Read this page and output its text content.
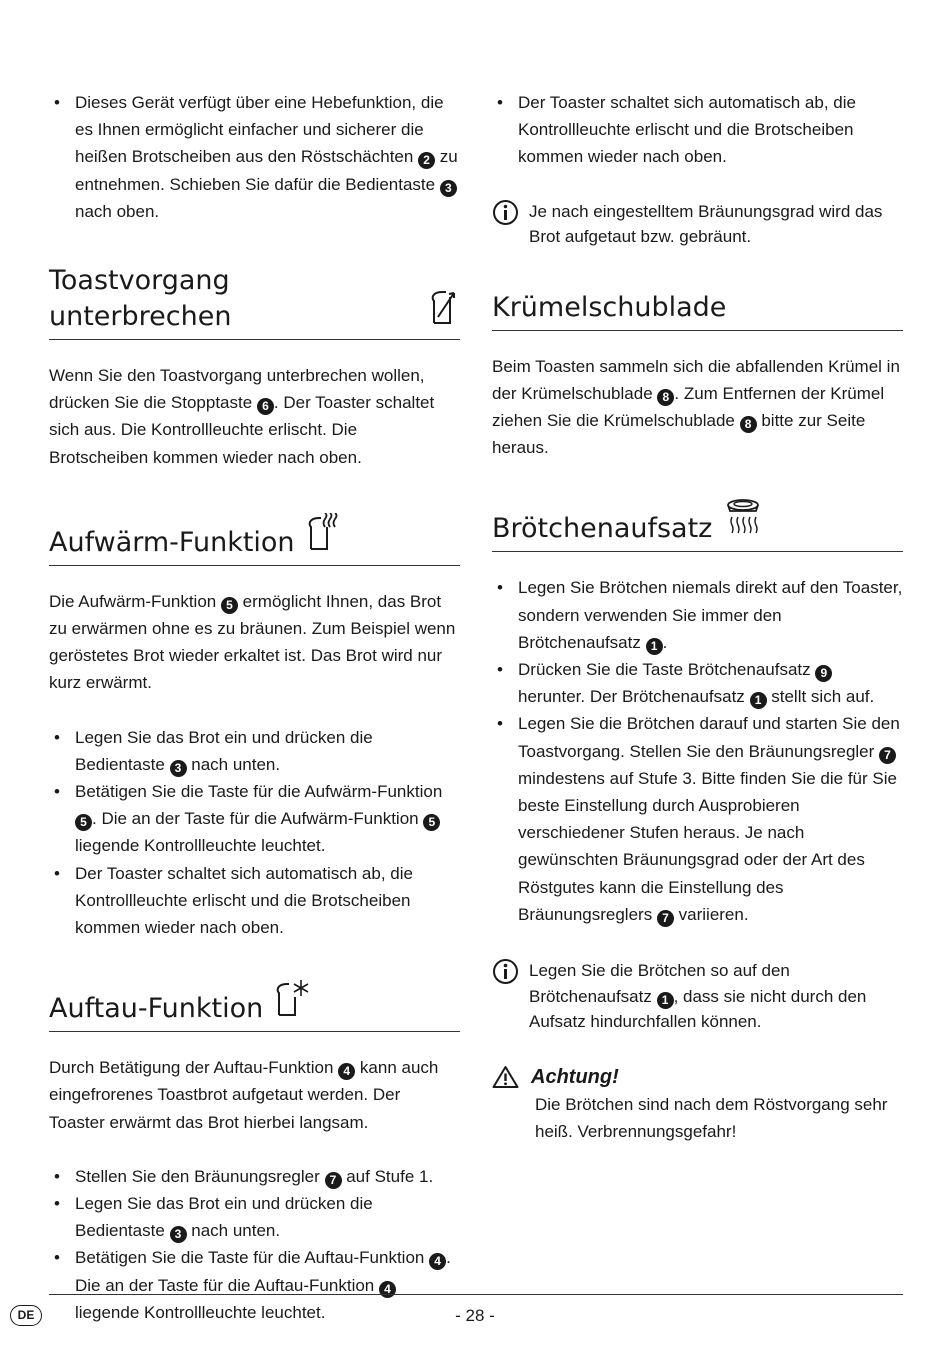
• Dieses Gerät verfügt über eine Hebefunktion, die es Ihnen ermöglicht einfacher und sicherer die heißen Brotscheiben aus den Röstschächten 2 zu entnehmen. Schieben Sie dafür die Bedientaste 3 nach oben.
Toastvorgang unterbrechen

Wenn Sie den Toastvorgang unterbrechen wollen, drücken Sie die Stopptaste 6 . Der Toaster schaltet sich aus. Die Kontrollleuchte erlischt. Die Brotscheiben kommen wieder nach oben.

Aufwärm-Funktion

Die Aufwärm-Funktion 5 ermöglicht Ihnen, das Brot zu erwärmen ohne es zu bräunen. Zum Beispiel wenn geröstetes Brot wieder erkaltet ist. Das Brot wird nur kurz erwärmt.

• Legen Sie das Brot ein und drücken die Bedientaste 3 nach unten.
• Betätigen Sie die Taste für die Aufwärm-Funktion 5 . Die an der Taste für die Aufwärm-Funktion 5 liegende Kontrollleuchte leuchtet.
• Der Toaster schaltet sich automatisch ab, die Kontrollleuchte erlischt und die Brotscheiben kommen wieder nach oben.
Auftau-Funktion

Durch Betätigung der Auftau-Funktion 4 kann auch eingefrorenes Toastbrot aufgetaut werden. Der Toaster erwärmt das Brot hierbei langsam.

• Stellen Sie den Bräunungsregler 7 auf Stufe 1.
• Legen Sie das Brot ein und drücken die Bedientaste 3 nach unten.
• Betätigen Sie die Taste für die Auftau-Funktion 4 . Die an der Taste für die Auftau-Funktion 4 liegende Kontrollleuchte leuchtet.
• Der Toaster schaltet sich automatisch ab, die Kontrollleuchte erlischt und die Brotscheiben kommen wieder nach oben.
Je nach eingestelltem Bräunungsgrad wird das Brot aufgetaut bzw. gebräunt.
Krümelschublade

Beim Toasten sammeln sich die abfallenden Krümel in der Krümelschublade 8 . Zum Entfernen der Krümel ziehen Sie die Krümelschublade 8 bitte zur Seite heraus.

Brötchenaufsatz
• Legen Sie Brötchen niemals direkt auf den Toaster, sondern verwenden Sie immer den Brötchenaufsatz 1 .
• Drücken Sie die Taste Brötchenaufsatz 9 herunter. Der Brötchenaufsatz 1 stellt sich auf.
• Legen Sie die Brötchen darauf und starten Sie den Toastvorgang. Stellen Sie den Bräunungsregler 7 mindestens auf Stufe 3. Bitte finden Sie die für Sie beste Einstellung durch Ausprobieren verschiedener Stufen heraus. Je nach gewünschten Bräunungsgrad oder der Art des Röstgutes kann die Einstellung des Bräunungsreglers 7 variieren.
Legen Sie die Brötchen so auf den Brötchenaufsatz 1 , dass sie nicht durch den Aufsatz hindurchfallen können.
Achtung!

Die Brötchen sind nach dem Röstvorgang sehr heiß. Verbrennungsgefahr!

DE	- 28 -
